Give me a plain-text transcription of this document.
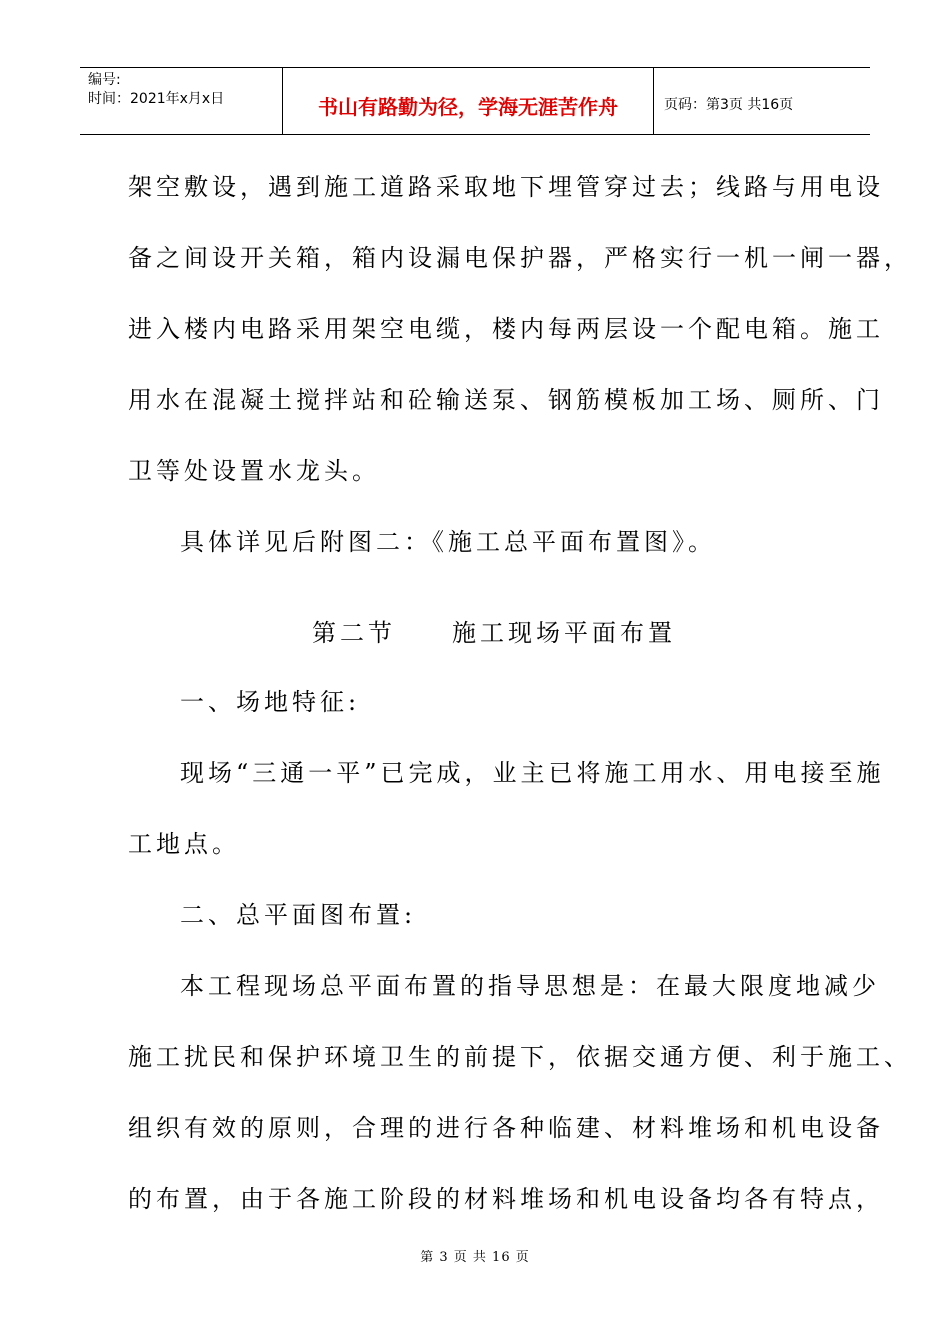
编号:
时间：2021年x月x日	书山有路勤为径，学海无涯苦作舟	页码：第3页 共16页
架空敷设，遇到施工道路采取地下埋管穿过去；线路与用电设
备之间设开关箱，箱内设漏电保护器，严格实行一机一闸一器，
进入楼内电路采用架空电缆，楼内每两层设一个配电箱。施工
用水在混凝土搅拌站和砼输送泵、钢筋模板加工场、厕所、门
卫等处设置水龙头。
具体详见后附图二：《施工总平面布置图》。
第二节　　施工现场平面布置
一、场地特征:
现场“三通一平”已完成，业主已将施工用水、用电接至施
工地点。
二、总平面图布置:
本工程现场总平面布置的指导思想是：在最大限度地减少
施工扰民和保护环境卫生的前提下，依据交通方便、利于施工、
组织有效的原则，合理的进行各种临建、材料堆场和机电设备
的布置，由于各施工阶段的材料堆场和机电设备均各有特点，
第 3 页 共 16 页
